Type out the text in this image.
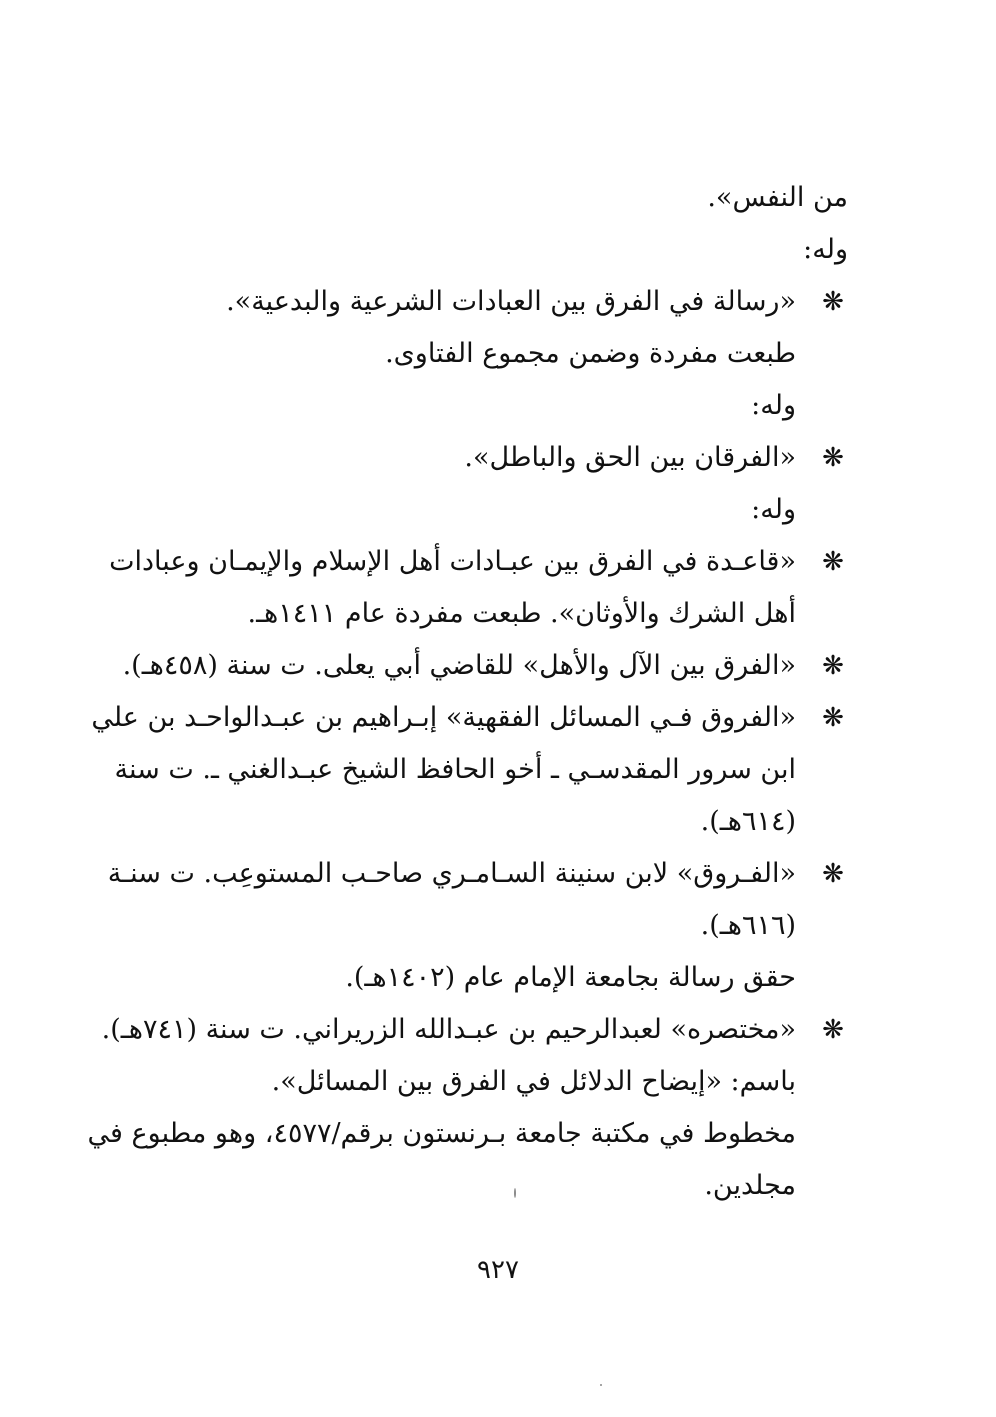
من النفس».
وله:
❋
«رسالة في الفرق بين العبادات الشرعية والبدعية».
طبعت مفردة وضمن مجموع الفتاوى.
وله:
❋
«الفرقان بين الحق والباطل».
وله:
❋
«قاعـدة في الفرق بين عبـادات أهل الإسلام والإيمـان وعبادات
أهل الشرك والأوثان». طبعت مفردة عام ١٤١١هـ.
❋
«الفرق بين الآل والأهل» للقاضي أبي يعلى. ت سنة (٤٥٨هـ).
❋
«الفروق فـي المسائل الفقهية» إبـراهيم بن عبـدالواحـد بن علي
ابن سرور المقدسـي ـ أخو الحافظ الشيخ عبـدالغني ـ. ت سنة
(٦١٤هـ).
❋
«الفـروق» لابن سنينة السـامـري صاحـب المستوعِب. ت سنـة
(٦١٦هـ).
حقق رسالة بجامعة الإمام عام (١٤٠٢هـ).
❋
«مختصره» لعبدالرحيم بن عبـدالله الزريراني. ت سنة (٧٤١هـ).
باسم: «إيضاح الدلائل في الفرق بين المسائل».
مخطوط في مكتبة جامعة بـرنستون برقم/٤٥٧٧، وهو مطبوع في
مجلدين.
٩٢٧
